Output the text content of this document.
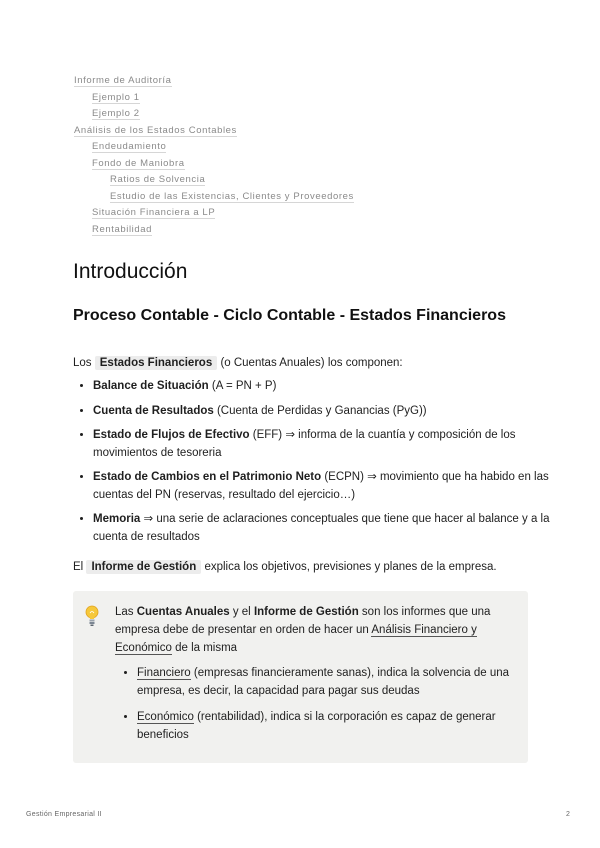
Informe de Auditoría
Ejemplo 1
Ejemplo 2
Análisis de los Estados Contables
Endeudamiento
Fondo de Maniobra
Ratios de Solvencia
Estudio de las Existencias, Clientes y Proveedores
Situación Financiera a LP
Rentabilidad
Introducción
Proceso Contable - Ciclo Contable - Estados Financieros

Los Estados Financieros (o Cuentas Anuales) los componen:

• Balance de Situación (A = PN + P)
• Cuenta de Resultados (Cuenta de Perdidas y Ganancias (PyG))
• Estado de Flujos de Efectivo (EFF) ⇒ informa de la cuantía y composición de los movimientos de tesoreria
• Estado de Cambios en el Patrimonio Neto (ECPN) ⇒ movimiento que ha habido en las cuentas del PN (reservas, resultado del ejercicio…)
• Memoria ⇒ una serie de aclaraciones conceptuales que tiene que hacer al balance y a la cuenta de resultados

El Informe de Gestión explica los objetivos, previsiones y planes de la empresa.

Las Cuentas Anuales y el Informe de Gestión son los informes que una empresa debe de presentar en orden de hacer un Análisis Financiero y Económico de la misma

• Financiero (empresas financieramente sanas), indica la solvencia de una empresa, es decir, la capacidad para pagar sus deudas
• Económico (rentabilidad), indica si la corporación es capaz de generar beneficios
Gestión Empresarial II	2
